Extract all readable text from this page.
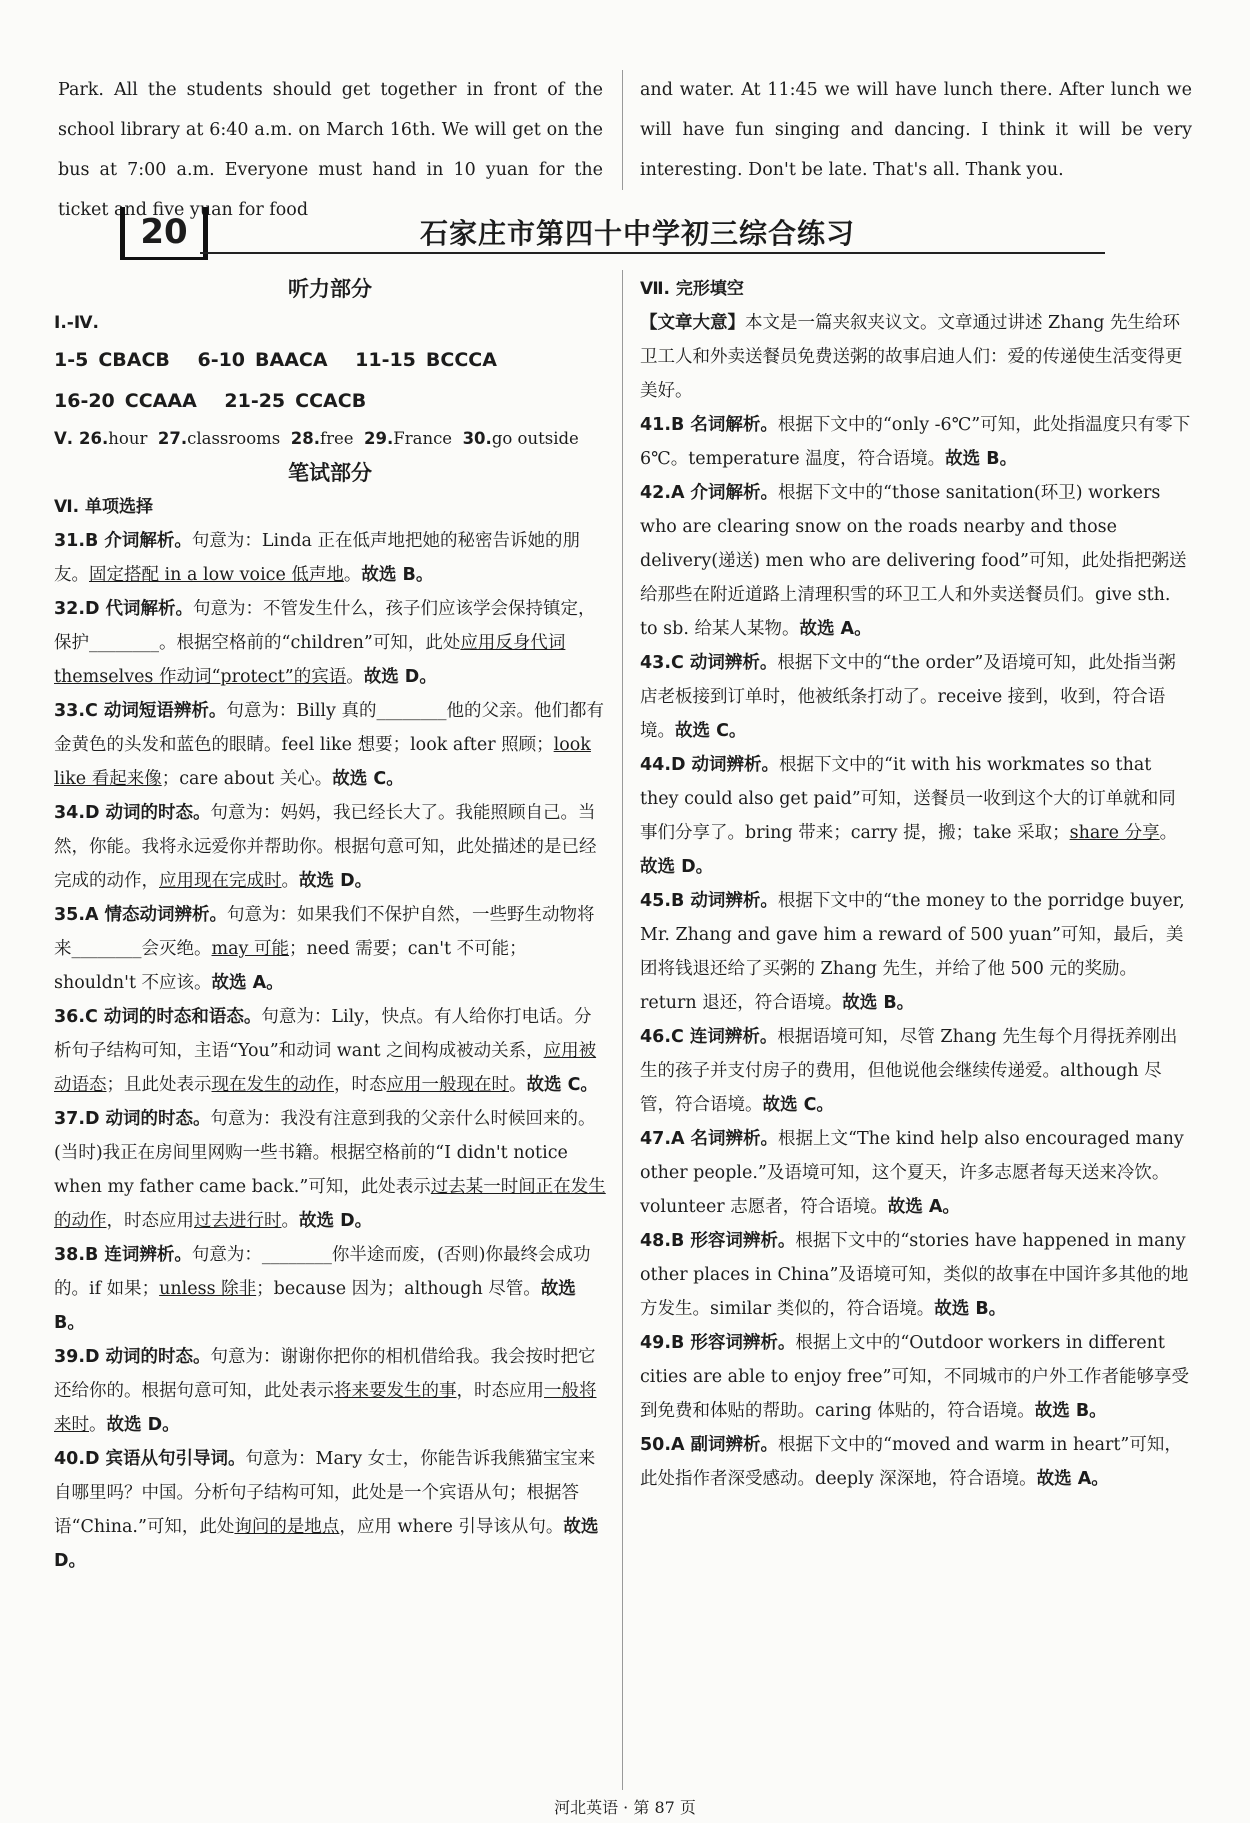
Park. All the students should get together in front of the school library at 6:40 a.m. on March 16th. We will get on the bus at 7:00 a.m. Everyone must hand in 10 yuan for the ticket and five yuan for food
and water. At 11:45 we will have lunch there. After lunch we will have fun singing and dancing. I think it will be very interesting. Don't be late. That's all. Thank you.
20	石家庄市第四十中学初三综合练习

听力部分

Ⅰ.-Ⅳ.

1-5 CBACB 6-10 BAACA 11-15 BCCCA

16-20 CCAAA 21-25 CCACB

Ⅴ. 26.hour 27.classrooms 28.free 29.France 30.go outside

笔试部分

Ⅵ. 单项选择

31.B 介词解析。句意为：Linda 正在低声地把她的秘密告诉她的朋友。固定搭配 in a low voice 低声地。故选 B。

32.D 代词解析。句意为：不管发生什么，孩子们应该学会保持镇定，保护________。根据空格前的“children”可知，此处应用反身代词 themselves 作动词“protect”的宾语。故选 D。

33.C 动词短语辨析。句意为：Billy 真的________他的父亲。他们都有金黄色的头发和蓝色的眼睛。feel like 想要；look after 照顾；look like 看起来像；care about 关心。故选 C。

34.D 动词的时态。句意为：妈妈，我已经长大了。我能照顾自己。当然，你能。我将永远爱你并帮助你。根据句意可知，此处描述的是已经完成的动作，应用现在完成时。故选 D。

35.A 情态动词辨析。句意为：如果我们不保护自然，一些野生动物将来________会灭绝。may 可能；need 需要；can't 不可能；shouldn't 不应该。故选 A。

36.C 动词的时态和语态。句意为：Lily，快点。有人给你打电话。分析句子结构可知，主语“You”和动词 want 之间构成被动关系，应用被动语态；且此处表示现在发生的动作，时态应用一般现在时。故选 C。

37.D 动词的时态。句意为：我没有注意到我的父亲什么时候回来的。(当时)我正在房间里网购一些书籍。根据空格前的“I didn't notice when my father came back.”可知，此处表示过去某一时间正在发生的动作，时态应用过去进行时。故选 D。

38.B 连词辨析。句意为：________你半途而废，(否则)你最终会成功的。if 如果；unless 除非；because 因为；although 尽管。故选 B。

39.D 动词的时态。句意为：谢谢你把你的相机借给我。我会按时把它还给你的。根据句意可知，此处表示将来要发生的事，时态应用一般将来时。故选 D。

40.D 宾语从句引导词。句意为：Mary 女士，你能告诉我熊猫宝宝来自哪里吗？中国。分析句子结构可知，此处是一个宾语从句；根据答语“China.”可知，此处询问的是地点，应用 where 引导该从句。故选 D。

Ⅶ. 完形填空

【文章大意】本文是一篇夹叙夹议文。文章通过讲述 Zhang 先生给环卫工人和外卖送餐员免费送粥的故事启迪人们：爱的传递使生活变得更美好。

41.B 名词解析。根据下文中的“only -6℃”可知，此处指温度只有零下 6℃。temperature 温度，符合语境。故选 B。

42.A 介词解析。根据下文中的“those sanitation(环卫) workers who are clearing snow on the roads nearby and those delivery(递送) men who are delivering food”可知，此处指把粥送给那些在附近道路上清理积雪的环卫工人和外卖送餐员们。give sth. to sb. 给某人某物。故选 A。

43.C 动词辨析。根据下文中的“the order”及语境可知，此处指当粥店老板接到订单时，他被纸条打动了。receive 接到，收到，符合语境。故选 C。

44.D 动词辨析。根据下文中的“it with his workmates so that they could also get paid”可知，送餐员一收到这个大的订单就和同事们分享了。bring 带来；carry 提，搬；take 采取；share 分享。故选 D。

45.B 动词辨析。根据下文中的“the money to the porridge buyer, Mr. Zhang and gave him a reward of 500 yuan”可知，最后，美团将钱退还给了买粥的 Zhang 先生，并给了他 500 元的奖励。return 退还，符合语境。故选 B。

46.C 连词辨析。根据语境可知，尽管 Zhang 先生每个月得抚养刚出生的孩子并支付房子的费用，但他说他会继续传递爱。although 尽管，符合语境。故选 C。

47.A 名词辨析。根据上文“The kind help also encouraged many other people.”及语境可知，这个夏天，许多志愿者每天送来冷饮。volunteer 志愿者，符合语境。故选 A。

48.B 形容词辨析。根据下文中的“stories have happened in many other places in China”及语境可知，类似的故事在中国许多其他的地方发生。similar 类似的，符合语境。故选 B。

49.B 形容词辨析。根据上文中的“Outdoor workers in different cities are able to enjoy free”可知，不同城市的户外工作者能够享受到免费和体贴的帮助。caring 体贴的，符合语境。故选 B。

50.A 副词辨析。根据下文中的“moved and warm in heart”可知，此处指作者深受感动。deeply 深深地，符合语境。故选 A。

河北英语 · 第 87 页
